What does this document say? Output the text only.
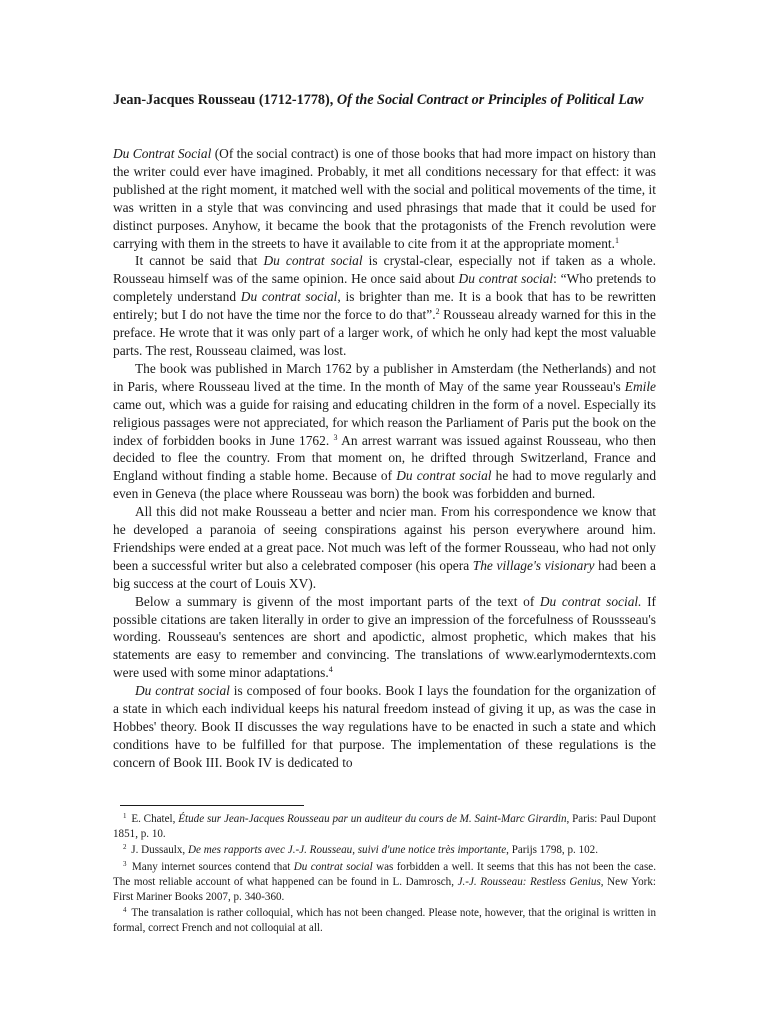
Jean-Jacques Rousseau (1712-1778), Of the Social Contract or Principles of Political Law

Du Contrat Social (Of the social contract) is one of those books that had more impact on history than the writer could ever have imagined. Probably, it met all conditions necessary for that effect: it was published at the right moment, it matched well with the social and political movements of the time, it was written in a style that was convincing and used phrasings that made that it could be used for distinct purposes. Anyhow, it became the book that the protagonists of the French revolution were carrying with them in the streets to have it available to cite from it at the appropriate moment.$^1$

It cannot be said that Du contrat social is crystal-clear, especially not if taken as a whole. Rousseau himself was of the same opinion. He once said about Du contrat social: “Who pretends to completely understand Du contrat social, is brighter than me. It is a book that has to be rewritten entirely; but I do not have the time nor the force to do that”.$^2$ Rousseau already warned for this in the preface. He wrote that it was only part of a larger work, of which he only had kept the most valuable parts. The rest, Rousseau claimed, was lost.

The book was published in March 1762 by a publisher in Amsterdam (the Netherlands) and not in Paris, where Rousseau lived at the time. In the month of May of the same year Rousseau's Emile came out, which was a guide for raising and educating children in the form of a novel. Especially its religious passages were not appreciated, for which reason the Parliament of Paris put the book on the index of forbidden books in June 1762. $^3$ An arrest warrant was issued against Rousseau, who then decided to flee the country. From that moment on, he drifted through Switzerland, France and England without finding a stable home. Because of Du contrat social he had to move regularly and even in Geneva (the place where Rousseau was born) the book was forbidden and burned.

All this did not make Rousseau a better and ncier man. From his correspondence we know that he developed a paranoia of seeing conspirations against his person everywhere around him. Friendships were ended at a great pace. Not much was left of the former Rousseau, who had not only been a successful writer but also a celebrated composer (his opera The village's visionary had been a big success at the court of Louis XV).

Below a summary is givenn of the most important parts of the text of Du contrat social. If possible citations are taken literally in order to give an impression of the forcefulness of Roussseau's wording. Rousseau's sentences are short and apodictic, almost prophetic, which makes that his statements are easy to remember and convincing. The translations of www.earlymoderntexts.com were used with some minor adaptations.$^4$

Du contrat social is composed of four books. Book I lays the foundation for the organization of a state in which each individual keeps his natural freedom instead of giving it up, as was the case in Hobbes' theory. Book II discusses the way regulations have to be enacted in such a state and which conditions have to be fulfilled for that purpose. The implementation of these regulations is the concern of Book III. Book IV is dedicated to

$^1$ E. Chatel, Étude sur Jean-Jacques Rousseau par un auditeur du cours de M. Saint-Marc Girardin, Paris: Paul Dupont 1851, p. 10.

$^2$ J. Dussaulx, De mes rapports avec J.-J. Rousseau, suivi d'une notice très importante, Parijs 1798, p. 102.

$^3$ Many internet sources contend that Du contrat social was forbidden a well. It seems that this has not been the case. The most reliable account of what happened can be found in L. Damrosch, J.-J. Rousseau: Restless Genius, New York: First Mariner Books 2007, p. 340-360.

$^4$ The transalation is rather colloquial, which has not been changed. Please note, however, that the original is written in formal, correct French and not colloquial at all.
